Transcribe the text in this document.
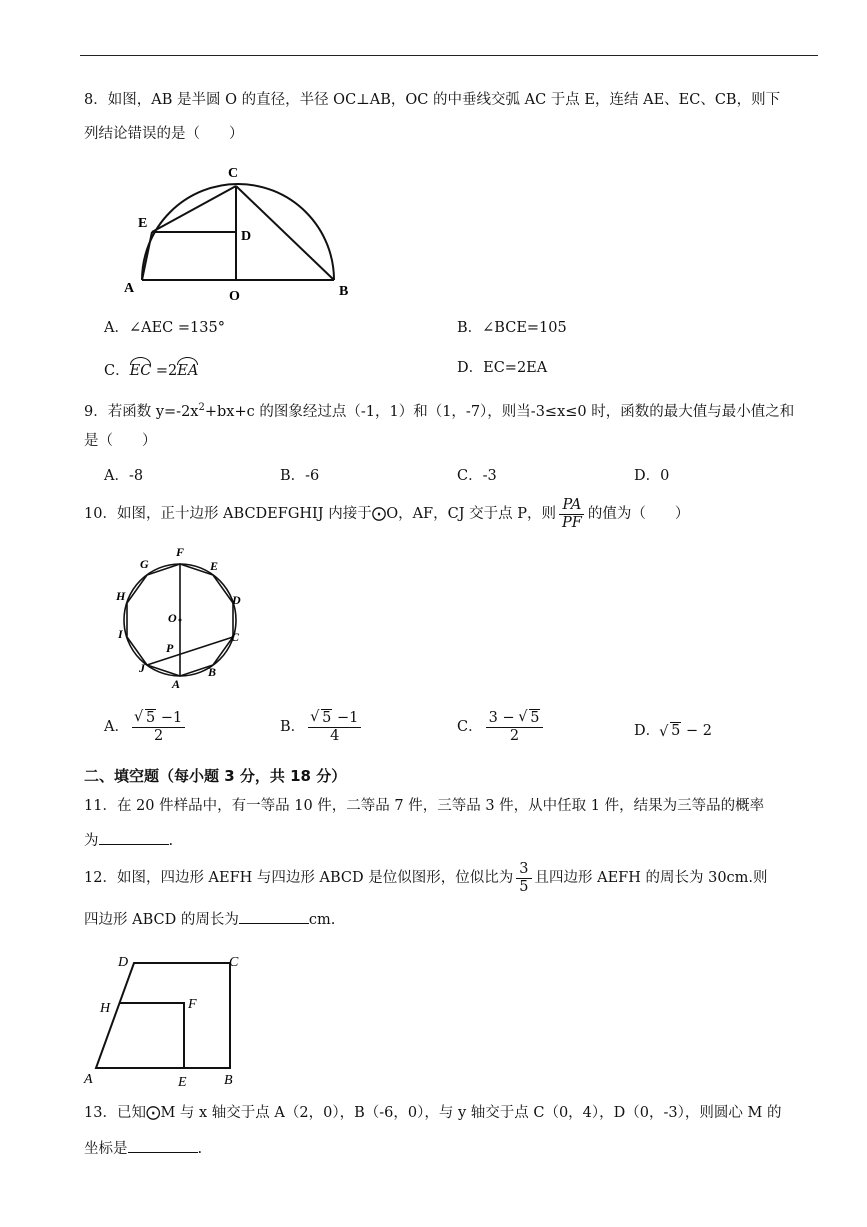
8．如图，AB 是半圆 O 的直径，半径 OC⊥AB，OC 的中垂线交弧 AC 于点 E，连结 AE、EC、CB，则下
列结论错误的是（　　）
C
E
D
A
O	B
A．∠AEC =135°	B．∠BCE=105
C．EC =2EA	D．EC=2EA
9．若函数 $y=-2x^2+bx+c$ 的图象经过点（-1，1）和（1，-7），则当-3≤x≤0 时，函数的最大值与最小值之和
是（　　）
A．-8	B．-6	C．-3	D．0
10．如图，正十边形 ABCDEFGHIJ 内接于⨀O，AF，CJ 交于点 P，则 $\frac{PA}{PF}$ 的值为（　　）
F
E
G
H	D
I	C
O
P
J	B
A
A． √ $\frac{5 -1}{2}$	B． √ $\frac{5 -1}{4}$	C． $\frac{3 - √ 5}{2}$	D． √ 5 − 2
二、填空题（每小题 3 分，共 18 分）
11．在 20 件样品中，有一等品 10 件，二等品 7 件，三等品 3 件，从中任取 1 件，结果为三等品的概率
为	.
12．如图，四边形 AEFH 与四边形 ABCD 是位似图形，位似比为 $\frac{3}{5}$ 且四边形 AEFH 的周长为 30cm.则
四边形 ABCD 的周长为	cm.
D	C
H	F
A	E	B
13．已知⨀M 与 x 轴交于点 A（2，0），B（-6，0），与 y 轴交于点 C（0，4），D（0，-3），则圆心 M 的
坐标是	.
